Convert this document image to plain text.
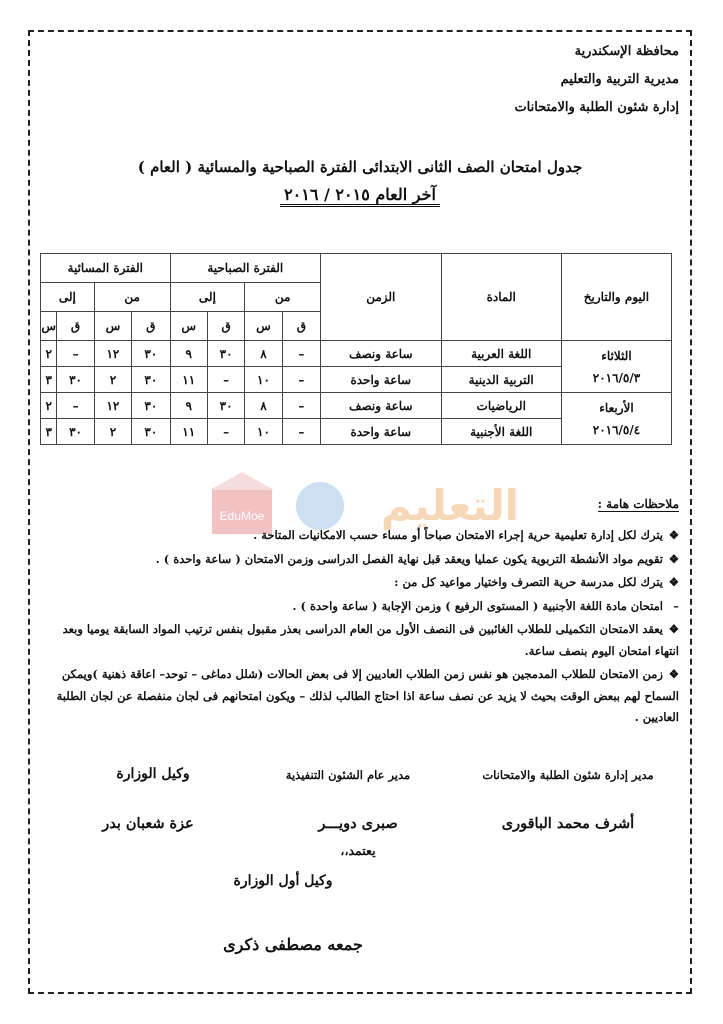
محافظة الإسكندرية
مديرية التربية والتعليم
إدارة شئون الطلبة والامتحانات
جدول امتحان الصف الثانى الابتدائى الفترة الصباحية والمسائية ( العام )
آخر العام ٢٠١٥ / ٢٠١٦
اليوم والتاريخ	المادة	الزمن	الفترة الصباحية				الفترة المسائية			
			من		إلى		من		إلى	
			ق	س	ق	س	ق	س	ق	س

الثلاثاء
٢٠١٦/٥/٣	اللغة العربية	ساعة ونصف	–	٨	٣٠	٩	٣٠	١٢	–	٢
	التربية الدينية	ساعة واحدة	–	١٠	–	١١	٣٠	٢	٣٠	٣

الأربعاء
٢٠١٦/٥/٤	الرياضيات	ساعة ونصف	–	٨	٣٠	٩	٣٠	١٢	–	٢
	اللغة الأجنبية	ساعة واحدة	–	١٠	–	١١	٣٠	٢	٣٠	٣
EduMoe	التعليم	ملاحظات هامة :
❖يترك لكل إدارة تعليمية حرية إجراء الامتحان صباحاً أو مساء حسب الامكانيات المتاحة .
❖تقويم مواد الأنشطة التربوية يكون عمليا ويعقد قبل نهاية الفصل الدراسى وزمن الامتحان ( ساعة واحدة ) .
❖يترك لكل مدرسة حرية التصرف واختيار مواعيد كل من :
–امتحان مادة اللغة الأجنبية ( المستوى الرفيع ) وزمن الإجابة ( ساعة واحدة ) .
❖يعقد الامتحان التكميلى للطلاب الغائبين فى النصف الأول من العام الدراسى بعذر مقبول بنفس ترتيب المواد السابقة يوميا وبعد انتهاء امتحان اليوم بنصف ساعة.
❖زمن الامتحان للطلاب المدمجين هو نفس زمن الطلاب العاديين إلا فى بعض الحالات (شلل دماغى – توحد– اعاقة ذهنية )ويمكن السماح لهم ببعض الوقت بحيث لا يزيد عن نصف ساعة اذا احتاج الطالب لذلك – ويكون امتحانهم فى لجان منفصلة عن لجان الطلبة العاديين .
مدير إدارة شئون الطلبة والامتحانات
مدير عام الشئون التنفيذية
وكيل الوزارة
أشرف محمد الباقورى
صبرى دويـــر
عزة شعبان بدر
يعتمد،،
وكيل أول الوزارة
جمعه مصطفى ذكرى
